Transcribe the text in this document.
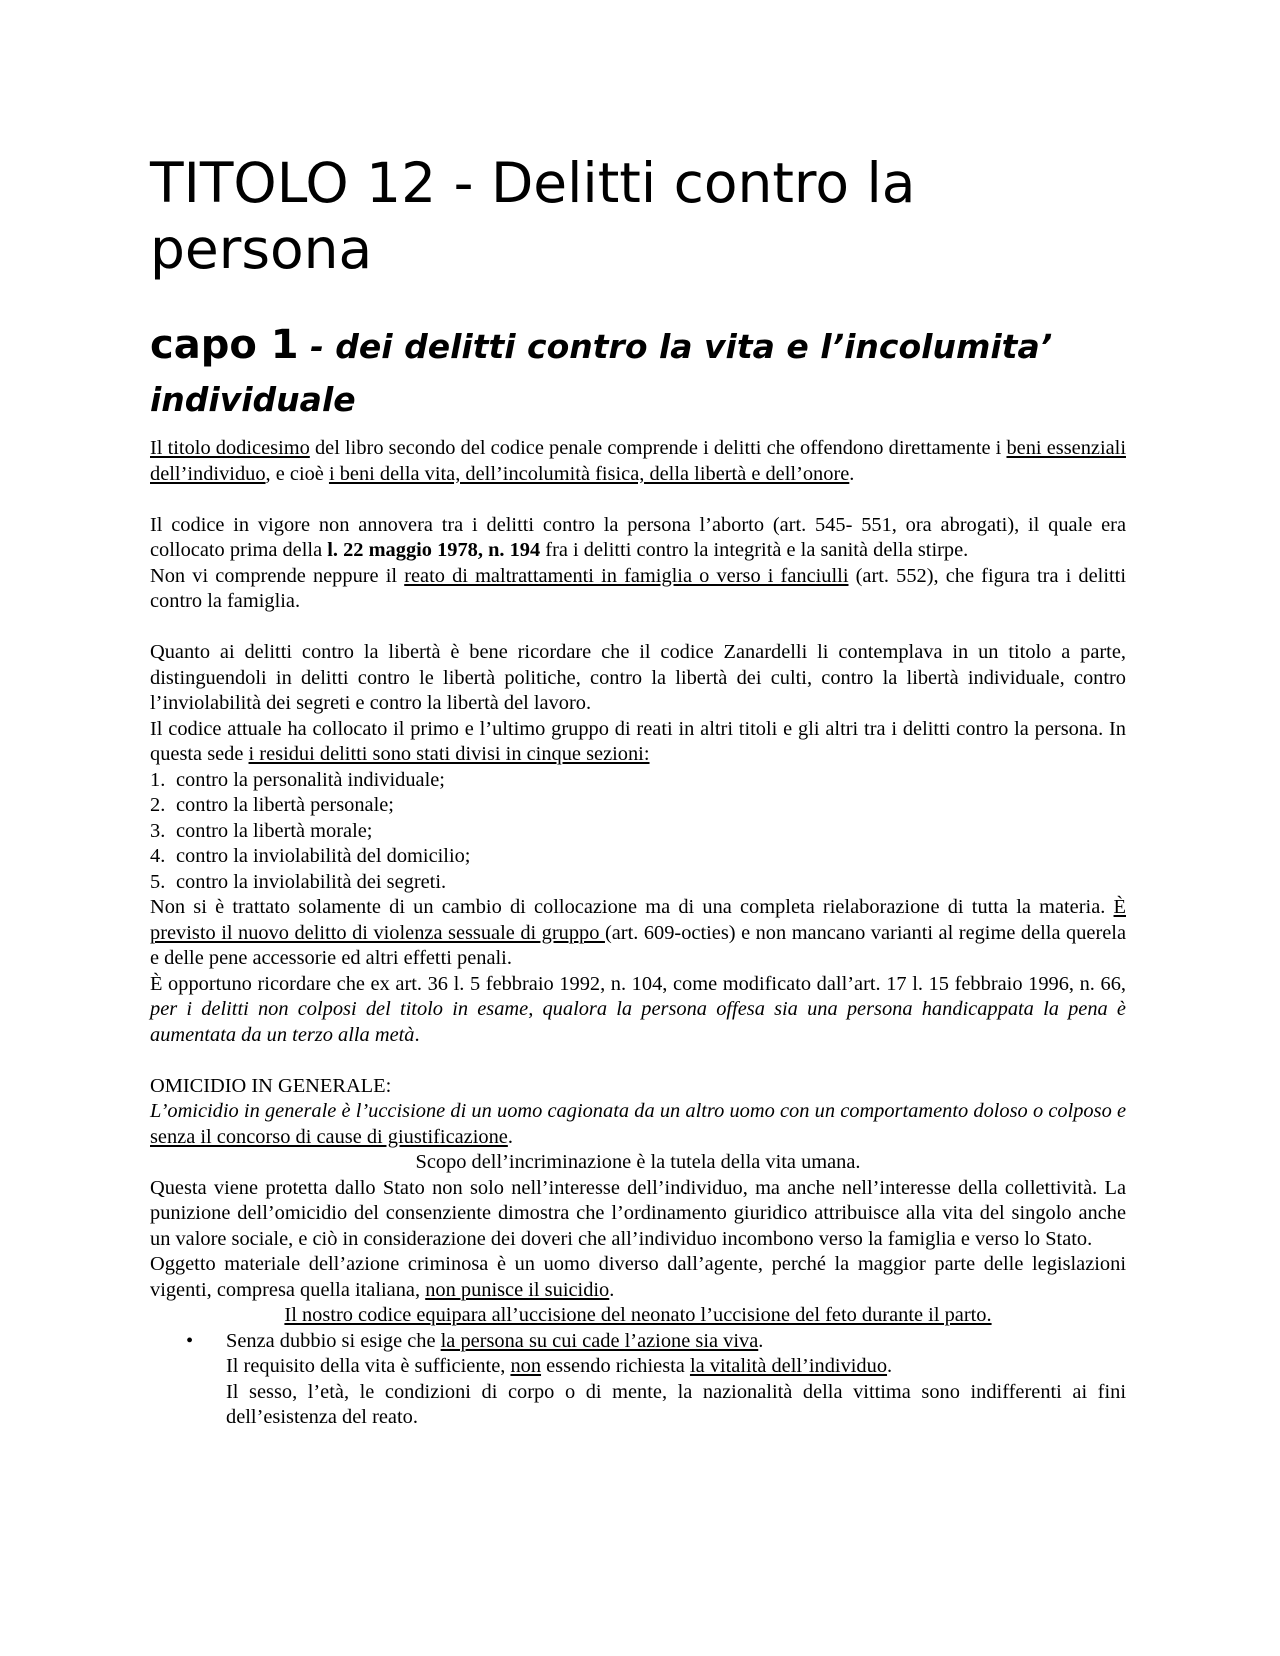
TITOLO 12 - Delitti contro la persona
capo 1 - dei delitti contro la vita e l’incolumita’ individuale

Il titolo dodicesimo del libro secondo del codice penale comprende i delitti che offendono direttamente i beni essenziali dell’individuo, e cioè i beni della vita, dell’incolumità fisica, della libertà e dell’onore.

Il codice in vigore non annovera tra i delitti contro la persona l’aborto (art. 545- 551, ora abrogati), il quale era collocato prima della l. 22 maggio 1978, n. 194 fra i delitti contro la integrità e la sanità della stirpe.

Non vi comprende neppure il reato di maltrattamenti in famiglia o verso i fanciulli (art. 552), che figura tra i delitti contro la famiglia.

Quanto ai delitti contro la libertà è bene ricordare che il codice Zanardelli li contemplava in un titolo a parte, distinguendoli in delitti contro le libertà politiche, contro la libertà dei culti, contro la libertà individuale, contro l’inviolabilità dei segreti e contro la libertà del lavoro.

Il codice attuale ha collocato il primo e l’ultimo gruppo di reati in altri titoli e gli altri tra i delitti contro la persona. In questa sede i residui delitti sono stati divisi in cinque sezioni:

1. contro la personalità individuale;
2. contro la libertà personale;
3. contro la libertà morale;
4. contro la inviolabilità del domicilio;
5. contro la inviolabilità dei segreti.

Non si è trattato solamente di un cambio di collocazione ma di una completa rielaborazione di tutta la materia. È previsto il nuovo delitto di violenza sessuale di gruppo (art. 609-octies) e non mancano varianti al regime della querela e delle pene accessorie ed altri effetti penali.

È opportuno ricordare che ex art. 36 l. 5 febbraio 1992, n. 104, come modificato dall’art. 17 l. 15 febbraio 1996, n. 66, per i delitti non colposi del titolo in esame, qualora la persona offesa sia una persona handicappata la pena è aumentata da un terzo alla metà.

OMICIDIO IN GENERALE:

L’omicidio in generale è l’uccisione di un uomo cagionata da un altro uomo con un comportamento doloso o colposo e senza il concorso di cause di giustificazione.

Scopo dell’incriminazione è la tutela della vita umana.

Questa viene protetta dallo Stato non solo nell’interesse dell’individuo, ma anche nell’interesse della collettività. La punizione dell’omicidio del consenziente dimostra che l’ordinamento giuridico attribuisce alla vita del singolo anche un valore sociale, e ciò in considerazione dei doveri che all’individuo incombono verso la famiglia e verso lo Stato.

Oggetto materiale dell’azione criminosa è un uomo diverso dall’agente, perché la maggior parte delle legislazioni vigenti, compresa quella italiana, non punisce il suicidio.

Il nostro codice equipara all’uccisione del neonato l’uccisione del feto durante il parto.

• Senza dubbio si esige che la persona su cui cade l’azione sia viva.

Il requisito della vita è sufficiente, non essendo richiesta la vitalità dell’individuo.

Il sesso, l’età, le condizioni di corpo o di mente, la nazionalità della vittima sono indifferenti ai fini dell’esistenza del reato.
